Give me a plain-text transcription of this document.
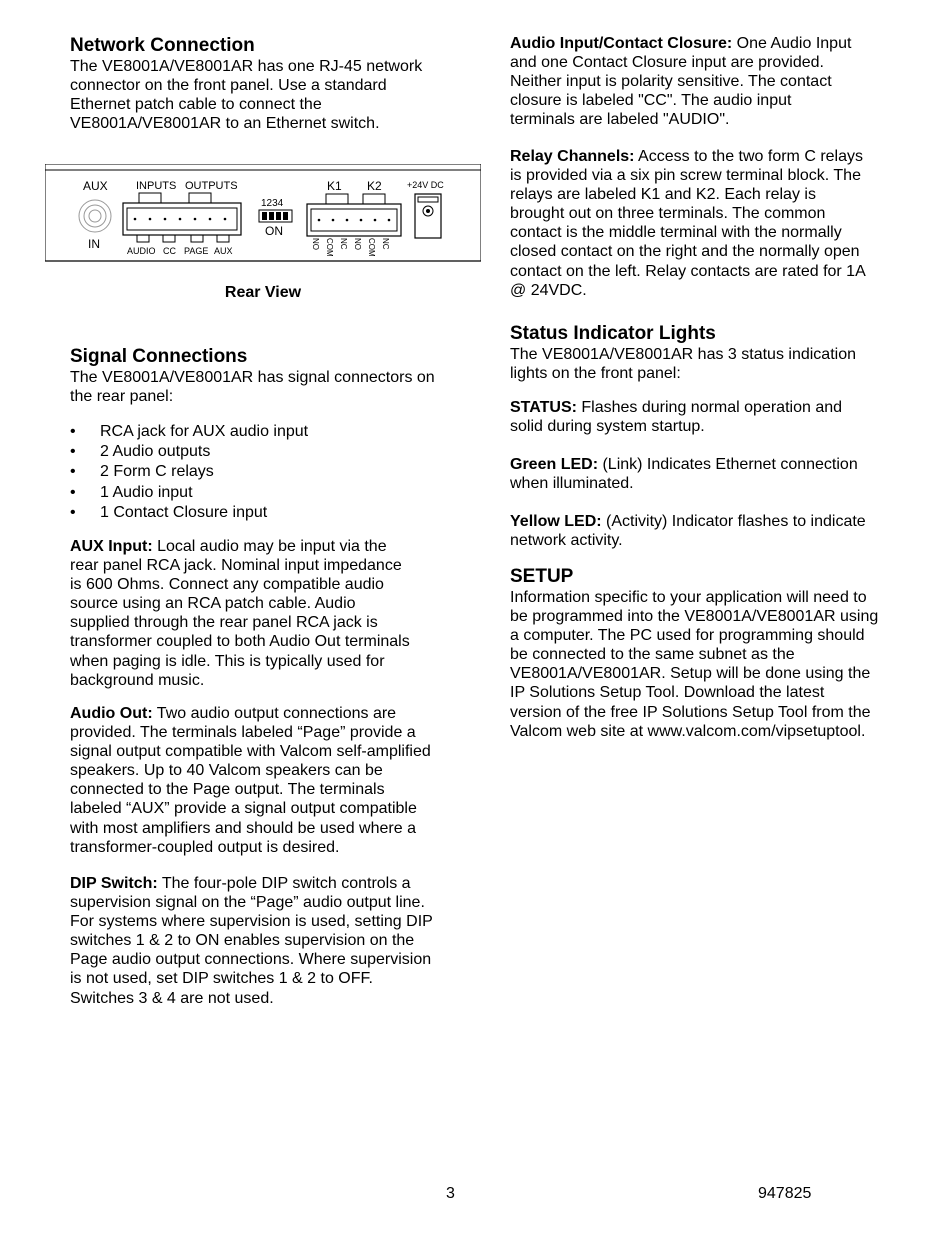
Network Connection

The VE8001A/VE8001AR has one RJ-45 network connector on the front panel. Use a standard Ethernet patch cable to connect the VE8001A/VE8001AR to an Ethernet switch.

Signal Connections

The VE8001A/VE8001AR has signal connectors on the rear panel:

• RCA jack for AUX audio input
• 2 Audio outputs
• 2 Form C relays
• 1 Audio input
• 1 Contact Closure input

AUX Input: Local audio may be input via the
rear panel RCA jack. Nominal input impedance
is 600 Ohms. Connect any compatible audio
source using an RCA patch cable. Audio
supplied through the rear panel RCA jack is
transformer coupled to both Audio Out terminals
when paging is idle. This is typically used for
background music.

Audio Out: Two audio output connections are
provided. The terminals labeled “Page” provide a
signal output compatible with Valcom self-amplified
speakers. Up to 40 Valcom speakers can be
connected to the Page output. The terminals
labeled “AUX” provide a signal output compatible
with most amplifiers and should be used where a
transformer-coupled output is desired.

DIP Switch: The four-pole DIP switch controls a
supervision signal on the “Page” audio output line.
For systems where supervision is used, setting DIP
switches 1 & 2 to ON enables supervision on the
Page audio output connections. Where supervision
is not used, set DIP switches 1 & 2 to OFF.
Switches 3 & 4 are not used.

AUX
IN
INPUTS OUTPUTS
AUDIO CC PAGE AUX
1234
ON
K1 K2
NO COM NC NO COM NC
+24V DC
Rear View

Audio Input/Contact Closure: One Audio Input
and one Contact Closure input are provided.
Neither input is polarity sensitive. The contact
closure is labeled "CC". The audio input
terminals are labeled "AUDIO".

Relay Channels: Access to the two form C relays
is provided via a six pin screw terminal block. The
relays are labeled K1 and K2. Each relay is
brought out on three terminals. The common
contact is the middle terminal with the normally
closed contact on the right and the normally open
contact on the left. Relay contacts are rated for 1A
@ 24VDC.

Status Indicator Lights

The VE8001A/VE8001AR has 3 status indication lights on the front panel:

STATUS: Flashes during normal operation and
solid during system startup.

Green LED: (Link) Indicates Ethernet connection
when illuminated.

Yellow LED: (Activity) Indicator flashes to indicate
network activity.

SETUP

Information specific to your application will need to
be programmed into the VE8001A/VE8001AR using
a computer. The PC used for programming should
be connected to the same subnet as the
VE8001A/VE8001AR. Setup will be done using the
IP Solutions Setup Tool. Download the latest
version of the free IP Solutions Setup Tool from the
Valcom web site at www.valcom.com/vipsetuptool.

3	947825
